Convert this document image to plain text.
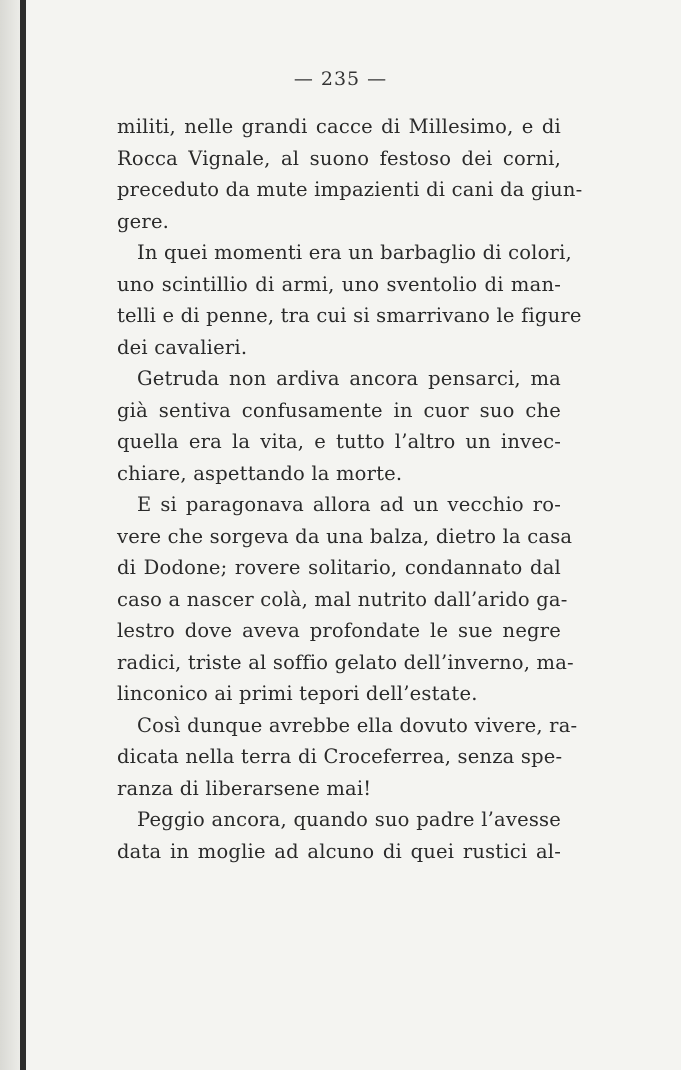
— 235 —
militi, nelle grandi cacce di Millesimo, e di
Rocca Vignale, al suono festoso dei corni,
preceduto da mute impazienti di cani da giun-
gere.
In quei momenti era un barbaglio di colori,
uno scintillio di armi, uno sventolio di man-
telli e di penne, tra cui si smarrivano le figure
dei cavalieri.
Getruda non ardiva ancora pensarci, ma
già sentiva confusamente in cuor suo che
quella era la vita, e tutto l’altro un invec-
chiare, aspettando la morte.
E si paragonava allora ad un vecchio ro-
vere che sorgeva da una balza, dietro la casa
di Dodone; rovere solitario, condannato dal
caso a nascer colà, mal nutrito dall’arido ga-
lestro dove aveva profondate le sue negre
radici, triste al soffio gelato dell’inverno, ma-
linconico ai primi tepori dell’estate.
Così dunque avrebbe ella dovuto vivere, ra-
dicata nella terra di Croceferrea, senza spe-
ranza di liberarsene mai!
Peggio ancora, quando suo padre l’avesse
data in moglie ad alcuno di quei rustici al-
